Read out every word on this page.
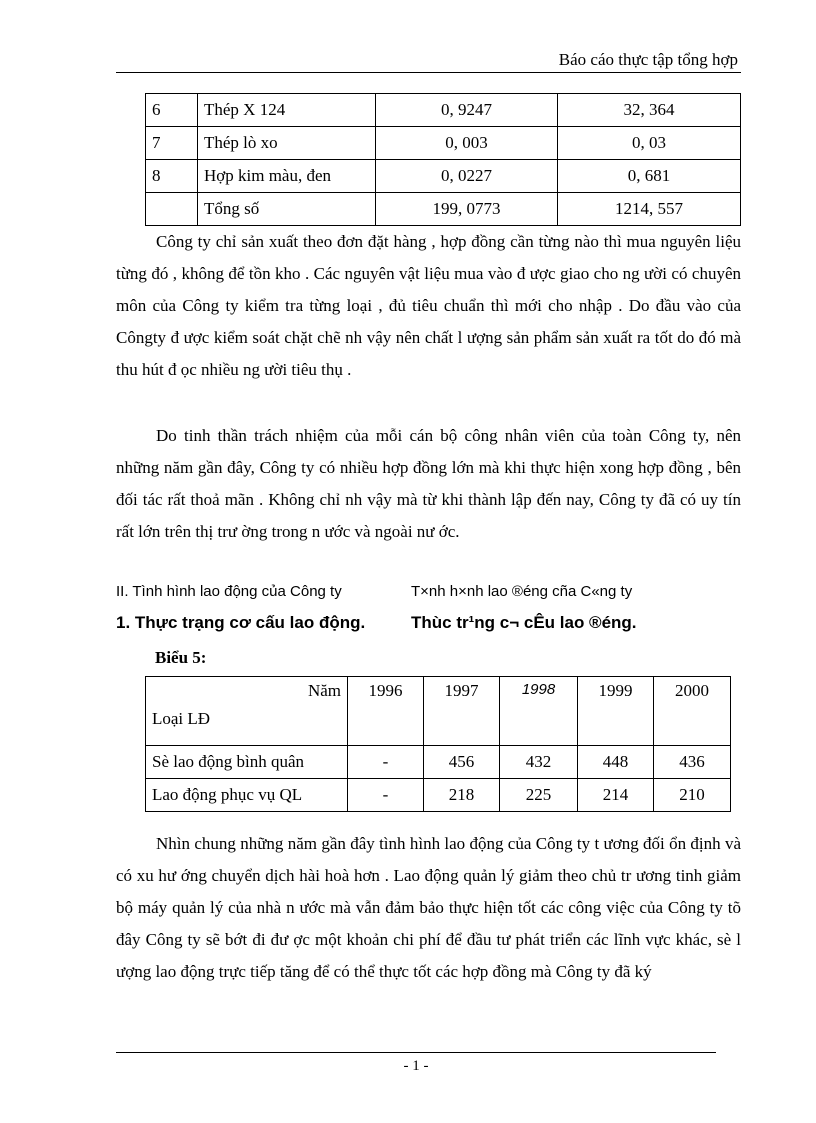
Báo cáo thực tập tổng hợp
6	Thép X 124	0, 9247	32, 364
7	Thép lò xo	0, 003	0, 03
8	Hợp kim màu, đen	0, 0227	0, 681
	Tổng số	199, 0773	1214, 557

Công ty chỉ sản xuất theo đơn đặt hàng , hợp đồng cần từng nào thì mua nguyên liệu từng đó , không để tồn kho . Các nguyên vật liệu mua vào đ ược giao cho ng ười có chuyên môn của Công ty kiểm tra từng loại , đủ tiêu chuẩn thì mới cho nhập . Do đầu vào của Côngty đ ược kiểm soát chặt chẽ nh vậy nên chất l ượng sản phẩm sản xuất ra tốt do đó mà thu hút đ ọc nhiều ng ười tiêu thụ .

Do tinh thần trách nhiệm của mỗi cán bộ công nhân viên của toàn Công ty, nên những năm gần đây, Công ty có nhiều hợp đồng lớn mà khi thực hiện xong hợp đồng , bên đối tác rất thoả mãn . Không chỉ nh vậy mà từ khi thành lập đến nay, Công ty đã có uy tín rất lớn trên thị trư ờng trong n ước và ngoài nư ớc.

II. Tình hình lao động của Công ty	T×nh h×nh lao ®éng cña C«ng ty
1. Thực trạng cơ cấu lao động.	Thùc tr¹ng c¬ cÊu lao ®éng.
Biểu 5:
Năm
Loại LĐ	1996	1997	1998	1999	2000
Sè lao động bình quân	-	456	432	448	436
Lao động phục vụ QL	-	218	225	214	210

Nhìn chung những năm gần đây tình hình lao động của Công ty t ương đối ổn định và có xu hư ớng chuyển dịch hài hoà hơn . Lao động quản lý giảm theo chủ tr ương tinh giảm bộ máy quản lý của nhà n ước mà vẫn đảm bảo thực hiện tốt các công việc của Công ty tõ đây Công ty sẽ bớt đi đư ợc một khoản chi phí để đầu tư phát triển các lĩnh vực khác, sè l ượng lao động trực tiếp tăng để có thể thực tốt các hợp đồng mà Công ty đã ký

- 1 -
